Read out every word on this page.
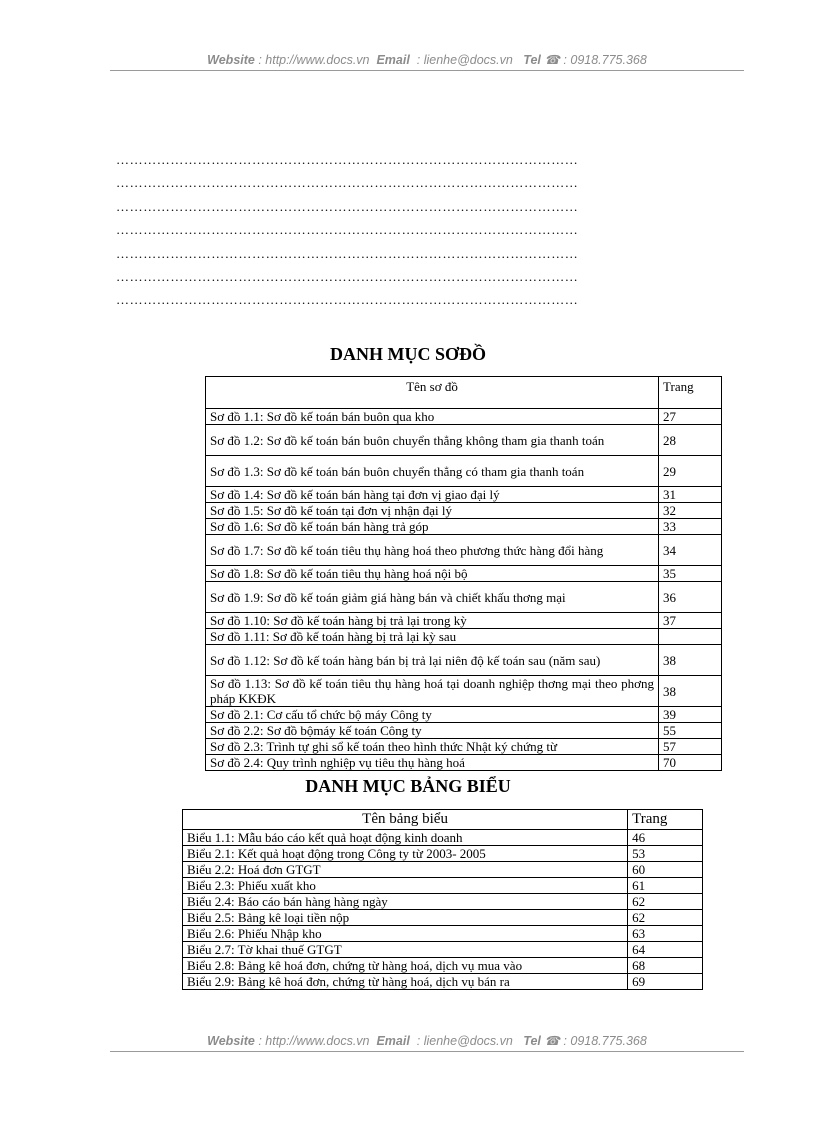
Website : http://www.docs.vn Email : lienhe@docs.vn Tel ☎ : 0918.775.368
…………………………………………………………………………………………
…………………………………………………………………………………………
…………………………………………………………………………………………
…………………………………………………………………………………………
…………………………………………………………………………………………
…………………………………………………………………………………………
…………………………………………………………………………………………
DANH MỤC SƠĐỒ
Tên sơ đồ	Trang
Sơ đồ 1.1: Sơ đồ kế toán bán buôn qua kho	27
Sơ đồ 1.2: Sơ đồ kế toán bán buôn chuyển thẳng không tham gia thanh toán	28
Sơ đồ 1.3: Sơ đồ kế toán bán buôn chuyển thẳng có tham gia thanh toán	29
Sơ đồ 1.4: Sơ đồ kế toán bán hàng tại đơn vị giao đại lý	31
Sơ đồ 1.5: Sơ đồ kế toán tại đơn vị nhận đại lý	32
Sơ đồ 1.6: Sơ đồ kế toán bán hàng trả góp	33
Sơ đồ 1.7: Sơ đồ kế toán tiêu thụ hàng hoá theo phương thức hàng đổi hàng	34
Sơ đồ 1.8: Sơ đồ kế toán tiêu thụ hàng hoá nội bộ	35
Sơ đồ 1.9: Sơ đồ kế toán giảm giá hàng bán và chiết khấu thơng mại	36
Sơ đồ 1.10: Sơ đồ kế toán hàng bị trả lại trong kỳ	37
Sơ đồ 1.11: Sơ đồ kế toán hàng bị trả lại kỳ sau	
Sơ đồ 1.12: Sơ đồ kế toán hàng bán bị trả lại niên độ kế toán sau (năm sau)	38
Sơ đồ 1.13: Sơ đồ kế toán tiêu thụ hàng hoá tại doanh nghiệp thơng mại theo phơng pháp KKĐK	38
Sơ đồ 2.1: Cơ cấu tổ chức bộ máy Công ty	39
Sơ đồ 2.2: Sơ đồ bộmáy kế toán Công ty	55
Sơ đồ 2.3: Trình tự ghi sổ kế toán theo hình thức Nhật ký chứng từ	57
Sơ đồ 2.4: Quy trình nghiệp vụ tiêu thụ hàng hoá	70
DANH MỤC BẢNG BIỂU
Tên bảng biểu	Trang
Biểu 1.1: Mẫu báo cáo kết quả hoạt động kinh doanh	46
Biểu 2.1: Kết quả hoạt động trong Công ty từ 2003- 2005	53
Biểu 2.2: Hoá đơn GTGT	60
Biểu 2.3: Phiếu xuất kho	61
Biểu 2.4: Báo cáo bán hàng hàng ngày	62
Biểu 2.5: Bảng kê loại tiền nộp	62
Biểu 2.6: Phiếu Nhập kho	63
Biểu 2.7: Tờ khai thuế GTGT	64
Biểu 2.8: Bảng kê hoá đơn, chứng từ hàng hoá, dịch vụ mua vào	68
Biểu 2.9: Bảng kê hoá đơn, chứng từ hàng hoá, dịch vụ bán ra	69
Website : http://www.docs.vn Email : lienhe@docs.vn Tel ☎ : 0918.775.368
